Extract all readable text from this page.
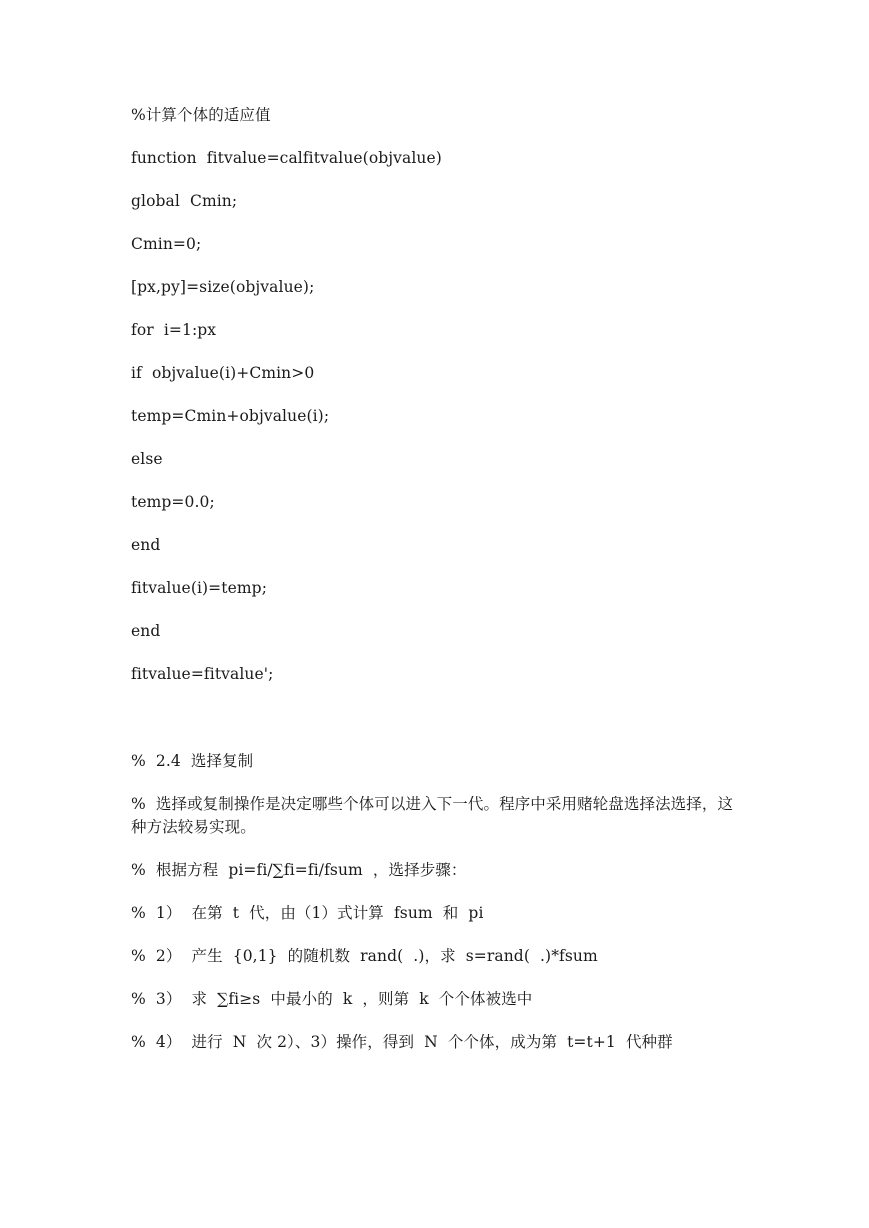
%计算个体的适应值
function  fitvalue=calfitvalue(objvalue)
global  Cmin;
Cmin=0;
[px,py]=size(objvalue);
for  i=1:px
if  objvalue(i)+Cmin>0
temp=Cmin+objvalue(i);
else
temp=0.0;
end
fitvalue(i)=temp;
end
fitvalue=fitvalue';
%  2.4  选择复制
%  选择或复制操作是决定哪些个体可以进入下一代。程序中采用赌轮盘选择法选择，这种方法较易实现。
%  根据方程  pi=fi/∑fi=fi/fsum  ，选择步骤：
%  1）  在第  t  代，由（1）式计算  fsum  和  pi
%  2）  产生  {0,1}  的随机数  rand(  .)，求  s=rand(  .)*fsum
%  3）  求  ∑fi≥s  中最小的  k  ，则第  k  个个体被选中
%  4）  进行  N  次 2）、3）操作，得到  N  个个体，成为第  t=t+1  代种群
